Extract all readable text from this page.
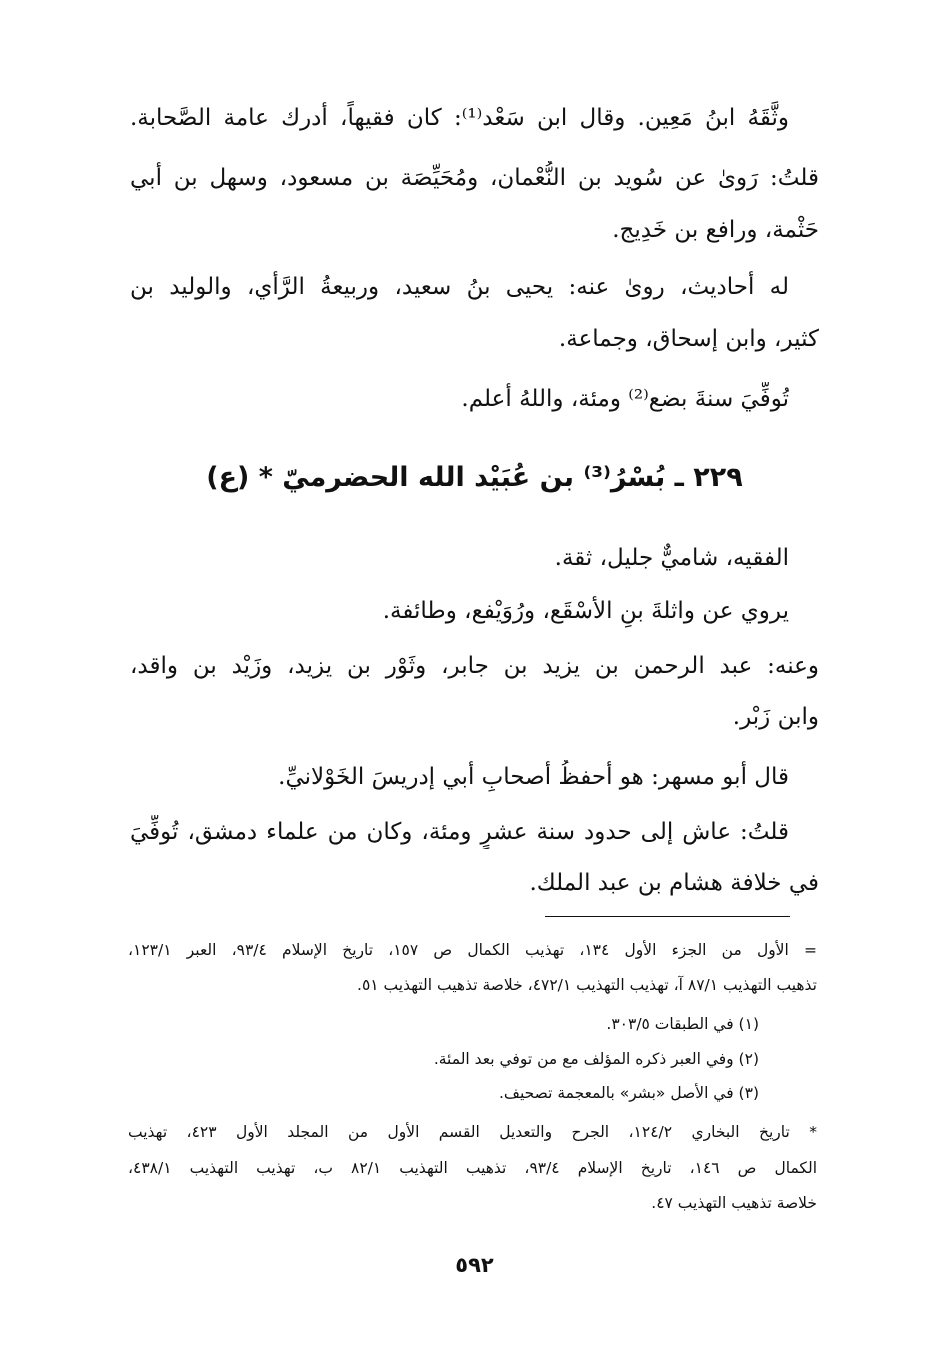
وثَّقَهُ ابنُ مَعِين. وقال ابن سَعْد⁽¹⁾: كان فقيهاً، أدرك عامة الصَّحابة.
قلتُ: رَوىٰ عن سُويد بن النُّعْمان، ومُحَيِّصَة بن مسعود، وسهل بن أبي
حَثْمة، ورافع بن خَدِيج.
له أحاديث، روىٰ عنه: يحيى بنُ سعيد، وربيعةُ الرَّأْي، والوليد بن
كثير، وابن إسحاق، وجماعة.
تُوفِّيَ سنةَ بضع⁽²⁾ ومئة، واللهُ أعلم.
٢٢٩ ـ بُسْرُ⁽³⁾ بن عُبَيْد الله الحضرميّ * (ع)
الفقيه، شاميٌّ جليل، ثقة.
يروي عن واثلةَ بنِ الأسْقَع، ورُوَيْفع، وطائفة.
وعنه: عبد الرحمن بن يزيد بن جابر، وثَوْر بن يزيد، وزَيْد بن واقد،
وابن زَبْر.
قال أبو مسهر: هو أحفظُ أصحابِ أبي إدريسَ الخَوْلانيِّ.
قلتُ: عاش إلى حدود سنة عشرٍ ومئة، وكان من علماء دمشق، تُوفِّيَ
في خلافة هشام بن عبد الملك.
= الأول من الجزء الأول ١٣٤، تهذيب الكمال ص ١٥٧، تاريخ الإسلام ٩٣/٤، العبر ١٢٣/١،
تذهيب التهذيب ٨٧/١ آ، تهذيب التهذيب ٤٧٢/١، خلاصة تذهيب التهذيب ٥١.
(١) في الطبقات ٣٠٣/٥.
(٢) وفي العبر ذكره المؤلف مع من توفي بعد المئة.
(٣) في الأصل «بشر» بالمعجمة تصحيف.
* تاريخ البخاري ١٢٤/٢، الجرح والتعديل القسم الأول من المجلد الأول ٤٢٣، تهذيب
الكمال ص ١٤٦، تاريخ الإسلام ٩٣/٤، تذهيب التهذيب ٨٢/١ ب، تهذيب التهذيب ٤٣٨/١،
خلاصة تذهيب التهذيب ٤٧.
٥٩٢
